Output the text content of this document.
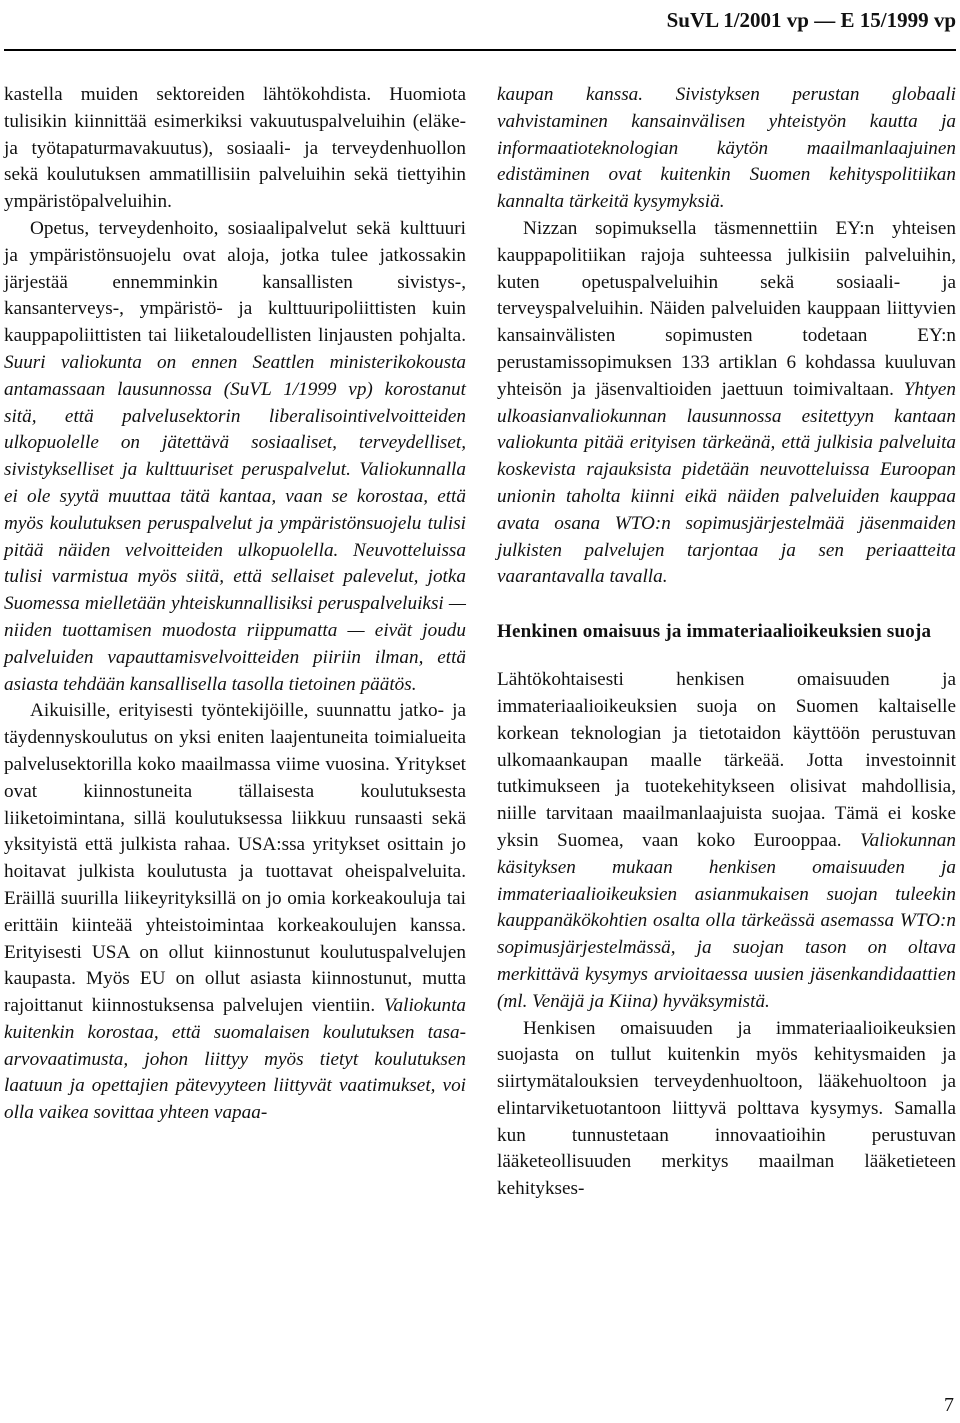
SuVL 1/2001 vp — E 15/1999 vp

kastella muiden sektoreiden lähtökohdista. Huomiota tulisikin kiinnittää esimerkiksi vakuutuspalveluihin (eläke- ja työtapaturmavakuutus), sosiaali- ja terveydenhuollon sekä koulutuksen ammatillisiin palveluihin sekä tiettyihin ympäristöpalveluihin.

Opetus, terveydenhoito, sosiaalipalvelut sekä kulttuuri ja ympäristönsuojelu ovat aloja, jotka tulee jatkossakin järjestää ennemminkin kansallisten sivistys-, kansanterveys-, ympäristö- ja kulttuuripoliittisten kuin kauppapoliittisten tai liiketaloudellisten linjausten pohjalta. Suuri valiokunta on ennen Seattlen ministerikokousta antamassaan lausunnossa (SuVL 1/1999 vp) korostanut sitä, että palvelusektorin liberalisointivelvoitteiden ulkopuolelle on jätettävä sosiaaliset, terveydelliset, sivistykselliset ja kulttuuriset peruspalvelut. Valiokunnalla ei ole syytä muuttaa tätä kantaa, vaan se korostaa, että myös koulutuksen peruspalvelut ja ympäristönsuojelu tulisi pitää näiden velvoitteiden ulkopuolella. Neuvotteluissa tulisi varmistua myös siitä, että sellaiset palevelut, jotka Suomessa mielletään yhteiskunnallisiksi peruspalveluiksi — niiden tuottamisen muodosta riippumatta — eivät joudu palveluiden vapauttamisvelvoitteiden piiriin ilman, että asiasta tehdään kansallisella tasolla tietoinen päätös.

Aikuisille, erityisesti työntekijöille, suunnattu jatko- ja täydennyskoulutus on yksi eniten laajentuneita toimialueita palvelusektorilla koko maailmassa viime vuosina. Yritykset ovat kiinnostuneita tällaisesta koulutuksesta liiketoimintana, sillä koulutuksessa liikkuu runsaasti sekä yksityistä että julkista rahaa. USA:ssa yritykset osittain jo hoitavat julkista koulutusta ja tuottavat oheispalveluita. Eräillä suurilla liikeyrityksillä on jo omia korkeakouluja tai erittäin kiinteää yhteistoimintaa korkeakoulujen kanssa. Erityisesti USA on ollut kiinnostunut koulutuspalvelujen kaupasta. Myös EU on ollut asiasta kiinnostunut, mutta rajoittanut kiinnostuksensa palvelujen vientiin. Valiokunta kuitenkin korostaa, että suomalaisen koulutuksen tasa-arvovaatimusta, johon liittyy myös tietyt koulutuksen laatuun ja opettajien pätevyyteen liittyvät vaatimukset, voi olla vaikea sovittaa yhteen vapaa-

kaupan kanssa. Sivistyksen perustan globaali vahvistaminen kansainvälisen yhteistyön kautta ja informaatioteknologian käytön maailmanlaajuinen edistäminen ovat kuitenkin Suomen kehityspolitiikan kannalta tärkeitä kysymyksiä.

Nizzan sopimuksella täsmennettiin EY:n yhteisen kauppapolitiikan rajoja suhteessa julkisiin palveluihin, kuten opetuspalveluihin sekä sosiaali- ja terveyspalveluihin. Näiden palveluiden kauppaan liittyvien kansainvälisten sopimusten todetaan EY:n perustamissopimuksen 133 artiklan 6 kohdassa kuuluvan yhteisön ja jäsenvaltioiden jaettuun toimivaltaan. Yhtyen ulkoasianvaliokunnan lausunnossa esitettyyn kantaan valiokunta pitää erityisen tärkeänä, että julkisia palveluita koskevista rajauksista pidetään neuvotteluissa Euroopan unionin taholta kiinni eikä näiden palveluiden kauppaa avata osana WTO:n sopimusjärjestelmää jäsenmaiden julkisten palvelujen tarjontaa ja sen periaatteita vaarantavalla tavalla.

Henkinen omaisuus ja immateriaalioikeuksien suoja

Lähtökohtaisesti henkisen omaisuuden ja immateriaalioikeuksien suoja on Suomen kaltaiselle korkean teknologian ja tietotaidon käyttöön perustuvan ulkomaankaupan maalle tärkeää. Jotta investoinnit tutkimukseen ja tuotekehitykseen olisivat mahdollisia, niille tarvitaan maailmanlaajuista suojaa. Tämä ei koske yksin Suomea, vaan koko Eurooppaa. Valiokunnan käsityksen mukaan henkisen omaisuuden ja immateriaalioikeuksien asianmukaisen suojan tuleekin kauppanäkökohtien osalta olla tärkeässä asemassa WTO:n sopimusjärjestelmässä, ja suojan tason on oltava merkittävä kysymys arvioitaessa uusien jäsenkandidaattien (ml. Venäjä ja Kiina) hyväksymistä.

Henkisen omaisuuden ja immateriaalioikeuksien suojasta on tullut kuitenkin myös kehitysmaiden ja siirtymätalouksien terveydenhuoltoon, lääkehuoltoon ja elintarviketuotantoon liittyvä polttava kysymys. Samalla kun tunnustetaan innovaatioihin perustuvan lääketeollisuuden merkitys maailman lääketieteen kehitykses-

7
